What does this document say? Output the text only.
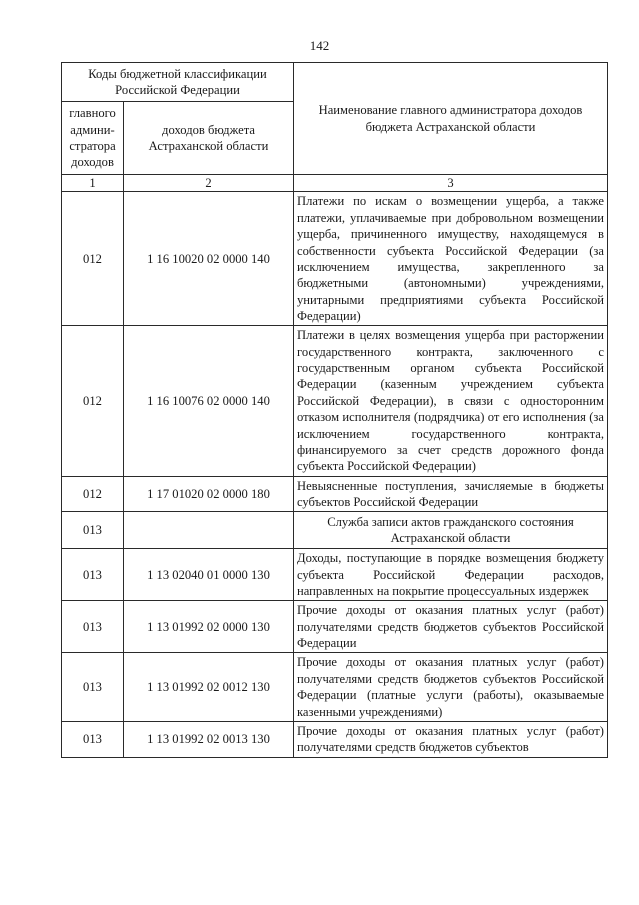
142
Коды бюджетной классификации Российской Федерации		Наименование главного администратора доходов бюджета Астраханской области
главного администратора доходов	доходов бюджета Астраханской области	
1	2	3
012	1 16 10020 02 0000 140	Платежи по искам о возмещении ущерба, а также платежи, уплачиваемые при добровольном возмещении ущерба, причиненного имуществу, находящемуся в собственности субъекта Российской Федерации (за исключением имущества, закрепленного за бюджетными (автономными) учреждениями, унитарными предприятиями субъекта Российской Федерации)
012	1 16 10076 02 0000 140	Платежи в целях возмещения ущерба при расторжении государственного контракта, заключенного с государственным органом субъекта Российской Федерации (казенным учреждением субъекта Российской Федерации), в связи с односторонним отказом исполнителя (подрядчика) от его исполнения (за исключением государственного контракта, финансируемого за счет средств дорожного фонда субъекта Российской Федерации)
012	1 17 01020 02 0000 180	Невыясненные поступления, зачисляемые в бюджеты субъектов Российской Федерации
013		Служба записи актов гражданского состояния Астраханской области
013	1 13 02040 01 0000 130	Доходы, поступающие в порядке возмещения бюджету субъекта Российской Федерации расходов, направленных на покрытие процессуальных издержек
013	1 13 01992 02 0000 130	Прочие доходы от оказания платных услуг (работ) получателями средств бюджетов субъектов Российской Федерации
013	1 13 01992 02 0012 130	Прочие доходы от оказания платных услуг (работ) получателями средств бюджетов субъектов Российской Федерации (платные услуги (работы), оказываемые казенными учреждениями)
013	1 13 01992 02 0013 130	Прочие доходы от оказания платных услуг (работ) получателями средств бюджетов субъектов
